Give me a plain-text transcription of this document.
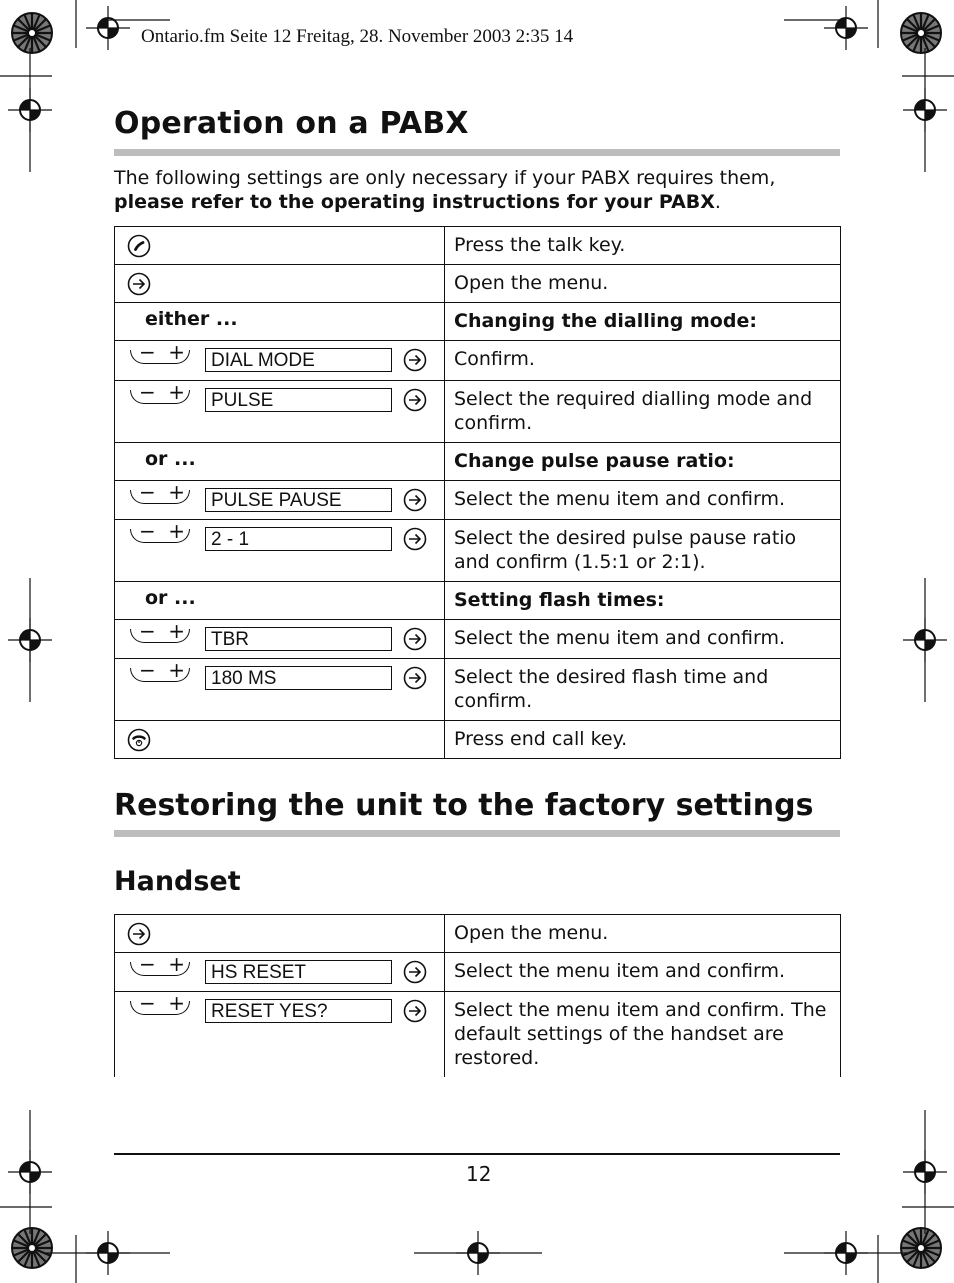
Ontario.fm Seite 12 Freitag, 28. November 2003 2:35 14
Operation on a PABX
The following settings are only necessary if your PABX requires them, please refer to the operating instructions for your PABX.
	Press the talk key.

	Open the menu.

either ...	Changing the dialling mode:

− + DIAL MODE	Confirm.

− + PULSE	Select the required dialling mode and confirm.

or ...	Change pulse pause ratio:

− + PULSE PAUSE	Select the menu item and confirm.

− + 2 - 1	Select the desired pulse pause ratio and confirm (1.5:1 or 2:1).

or ...	Setting flash times:

− + TBR	Select the menu item and confirm.

− + 180 MS	Select the desired flash time and confirm.

	Press end call key.
Restoring the unit to the factory settings
Handset
	Open the menu.

− + HS RESET	Select the menu item and confirm.

− + RESET YES?	Select the menu item and confirm. The default settings of the handset are restored.
12
